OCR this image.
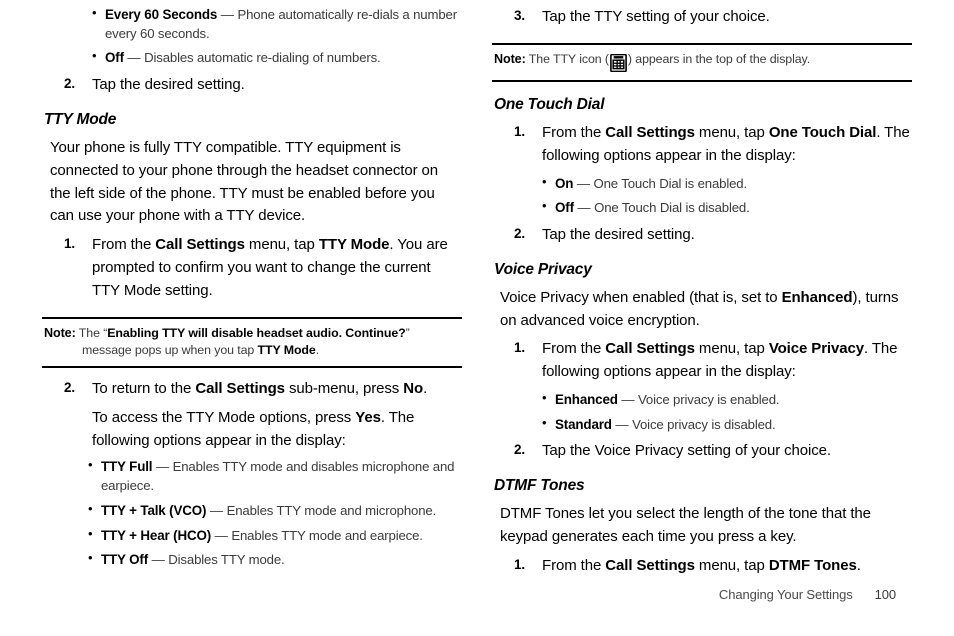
• Every 60 Seconds — Phone automatically re-dials a number every 60 seconds.
• Off — Disables automatic re-dialing of numbers.
2. Tap the desired setting.
TTY Mode

Your phone is fully TTY compatible. TTY equipment is connected to your phone through the headset connector on the left side of the phone. TTY must be enabled before you can use your phone with a TTY device.

1. From the Call Settings menu, tap TTY Mode. You are prompted to confirm you want to change the current TTY Mode setting.
Note: The “Enabling TTY will disable headset audio. Continue?” message pops up when you tap TTY Mode.
2. To return to the Call Settings sub-menu, press No.
To access the TTY Mode options, press Yes. The following options appear in the display:
• TTY Full — Enables TTY mode and disables microphone and earpiece.
• TTY + Talk (VCO) — Enables TTY mode and microphone.
• TTY + Hear (HCO) — Enables TTY mode and earpiece.
• TTY Off — Disables TTY mode.
3. Tap the TTY setting of your choice.
Note: The TTY icon ( ) appears in the top of the display.
One Touch Dial
1. From the Call Settings menu, tap One Touch Dial. The following options appear in the display:
• On — One Touch Dial is enabled.
• Off — One Touch Dial is disabled.
2. Tap the desired setting.
Voice Privacy

Voice Privacy when enabled (that is, set to Enhanced), turns on advanced voice encryption.

1. From the Call Settings menu, tap Voice Privacy. The following options appear in the display:
• Enhanced — Voice privacy is enabled.
• Standard — Voice privacy is disabled.
2. Tap the Voice Privacy setting of your choice.
DTMF Tones

DTMF Tones let you select the length of the tone that the keypad generates each time you press a key.

1. From the Call Settings menu, tap DTMF Tones.
Changing Your Settings 100
